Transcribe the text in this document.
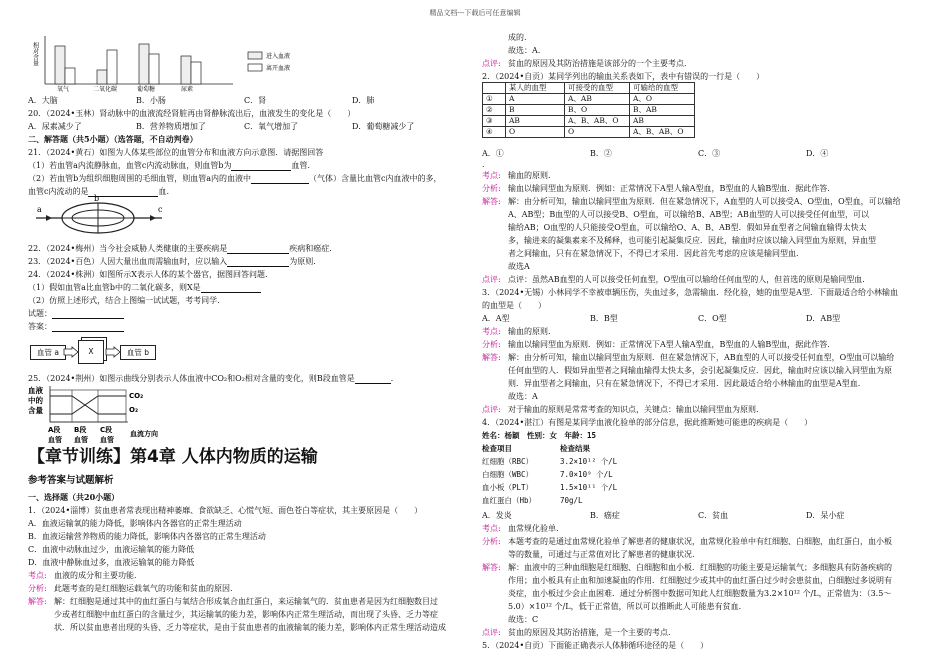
精品文档---下载后可任意编辑
相对含量
氧气	二氧化碳	葡萄糖	尿素
进入血液
离开血液
A．大脑	B．小肠	C．肾	D．肺
20．（2024•玉林）肾动脉中的血液流经肾脏再由肾静脉流出后，血液发生的变化是（　　）
A．尿素减少了	B．营养物质增加了	C．氧气增加了	D．葡萄糖减少了
二、解答题（共5小题）（选答题，不自动判卷）
21．（2024•黄石）如图为人体某些部位的血管分布和血液方向示意图．请据图回答
（1）若血管a内流静脉血，血管c内流动脉血，则血管b为	血管.
（2）若血管b为组织细胞周围的毛细血管，则血管a内的血液中	（气体）含量比血管c内血液中的多，
血管c内流动的是	血.
a
b
c
22．（2024•梅州）当今社会威胁人类健康的主要疾病是	疾病和癌症.
23．（2024•百色）人因大量出血而需输血时，应以输入	为原则.
24．（2024•株洲）如图所示X表示人体的某个器官，据图回答问题.
（1）假如血管a比血管b中的二氧化碳多，则X是
（2）仿照上述形式，结合上图编一试试题，考考同学.
试题：
答案：
血管 a	X	血管 b
25．（2024•荆州）如图示曲线分别表示人体血液中CO₂和O₂相对含量的变化，则B段血管是	．
血液
中的
含量
CO₂
O₂
A段 B段 C段
血管 血管 血管
血流方向
【章节训练】第4章 人体内物质的运输
参考答案与试题解析
一、选择题（共20小题）
1．（2024•淄博）贫血患者常表现出精神萎靡、食欲缺乏、心慌气短、面色苍白等症状，其主要原因是（　　）
A．血液运输氧的能力降低，影响体内各器官的正常生理活动
B．血液运输营养物质的能力降低，影响体内各器官的正常生理活动
C．血液中动脉血过少，血液运输氧的能力降低
D．血液中静脉血过多，血液运输氧的能力降低
考点: 血液的成分和主要功能.
分析: 此题考查的是红细胞运载氧气的功能和贫血的原因.
解答: 解：红细胞是通过其中的血红蛋白与氧结合形成氧合血红蛋白，来运输氧气的．贫血患者是因为红细胞数目过
少或者红细胞中血红蛋白的含量过少，其运输氧的能力差，影响体内正常生理活动，而出现了头昏、乏力等症
状．所以贫血患者出现的头昏、乏力等症状，是由于贫血患者的血液输氧的能力差，影响体内正常生理活动造成
成的.
故选：A.
点评: 贫血的原因及其防治措施是该部分的一个主要考点.
2．（2024•自贡）某同学列出的输血关系表如下，表中有错误的一行是（　　）
	某人的血型	可接受的血型	可输给的血型
①	A	A、AB	A、O
②	B	B、O	B、AB
③	AB	A、B、AB、O	AB
④	O	O	A、B、AB、O
A．①	B．②	C．③	D．④
．
考点: 输血的原则.
分析: 输血以输同型血为原则．例如：正常情况下A型人输A型血，B型血的人输B型血．据此作答.
解答: 解：由分析可知，输血以输同型血为原则．但在紧急情况下，A血型的人可以接受A、O型血，O型血，可以输给
A、AB型；B血型的人可以接受B、O型血，可以输给B、AB型；AB血型的人可以接受任何血型，可以
输给AB；O血型的人只能接受O型血，可以输给O、A、B、AB型．假如异血型者之间输血输得太快太
多，输进来的凝集素来不及稀释，也可能引起凝集反应．因此，输血时应该以输入同型血为原则，异血型
者之间输血，只有在紧急情况下，不得已才采用．因此首先考虑的应该是输同型血.
故选A
点评: 点评：虽然AB血型的人可以接受任何血型，O型血可以输给任何血型的人，但首选的原则是输同型血.
3．（2024•无锡）小林同学不幸被車辆压伤，失血过多，急需输血．经化验，她的血型是A型．下面最适合给小林输血
的血型是（　　）
A．A型	B．B型	C．O型	D．AB型
考点: 输血的原则.
分析: 输血以输同型血为原则．例如：正常情况下A型人输A型血，B型血的人输B型血，据此作答.
解答: 解：由分析可知，输血以输同型血为原则．但在紧急情况下，AB血型的人可以接受任何血型，O型血可以输给
任何血型的人．假如异血型者之间输血输得太快太多，会引起凝集反应．因此，输血时应该以输入同型血为原
则．异血型者之间输血，只有在紧急情况下，不得已才采用．因此最适合给小林输血的血型是A型血.
故选：A
点评: 对于输血的原则是常常考查的知识点，关键点：输血以输同型血为原则.
4．（2024•湛江）有图是某同学血液化验单的部分信息，据此推断她可能患的疾病是（　　）
姓名：杨颖　性别：女　年龄：15
检查项目	检查结果
红细胞（RBC）	3.2×10¹² 个/L
白细胞（WBC）	7.0×10⁹ 个/L
血小板（PLT）	1.5×10¹¹ 个/L
血红蛋白（Hb）	70g/L
A．发炎	B．癌症	C．贫血	D．呆小症
考点: 血常规化验单.
分析: 本题考查的是通过血常规化验单了解患者的健康状况，血常规化验单中有红细胞、白细胞，血红蛋白，血小板
等的数量，可通过与正常值对比了解患者的健康状况.
解答: 解：血液中的三种血细胞是红细胞、白细胞和血小板．红细胞的功能主要是运输氧气；多细胞具有防备疾病的
作用；血小板具有止血和加速凝血的作用．红细胞过少或其中的血红蛋白过少时会患贫血，白细胞过多说明有
炎症，血小板过少会止血困难．通过分析图中数据可知此人红细胞数量为3.2×10¹² 个/L，正常值为：（3.5～
5.0）×10¹² 个/L，低于正常值，所以可以推断此人可能患有贫血.
故选：C
点评: 贫血的原因及其防治措施，是一个主要的考点.
5．（2024•自贡）下面能正确表示人体肺循环途径的是（　　）
